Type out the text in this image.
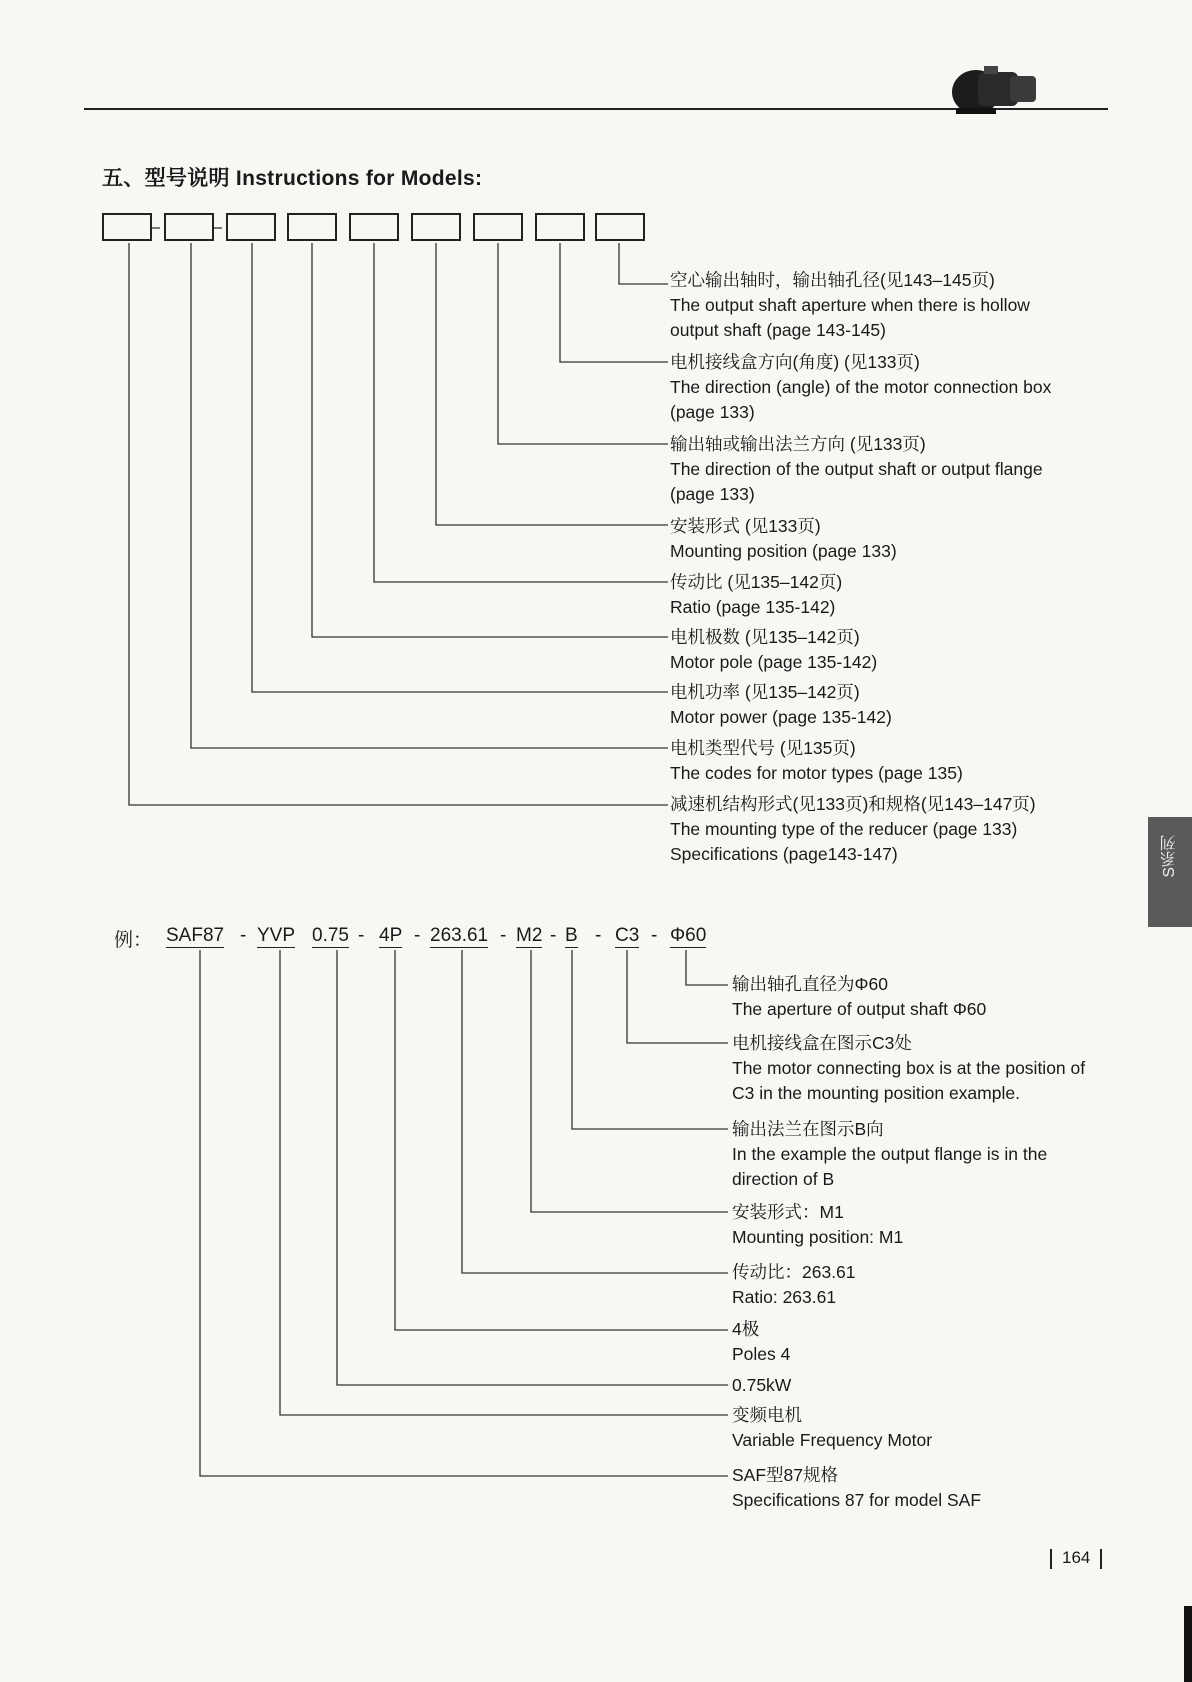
五、型号说明 Instructions for Models:
空心输出轴时，输出轴孔径(见143–145页)
The output shaft aperture when there is hollow
output shaft (page 143-145)
电机接线盒方向(角度) (见133页)
The direction (angle) of the motor connection box
(page 133)
输出轴或输出法兰方向 (见133页)
The direction of the output shaft or output flange
(page 133)
安装形式 (见133页)
Mounting position (page 133)
传动比 (见135–142页)
Ratio (page 135-142)
电机极数 (见135–142页)
Motor pole (page 135-142)
电机功率 (见135–142页)
Motor power (page 135-142)
电机类型代号 (见135页)
The codes for motor types (page 135)
减速机结构形式(见133页)和规格(见143–147页)
The mounting type of the reducer (page 133)
Specifications (page143-147)	S系列
例： SAF87 - YVP 0.75 - 4P - 263.61 - M2 - B - C3 - Φ60
输出轴孔直径为Φ60
The aperture of output shaft Φ60
电机接线盒在图示C3处
The motor connecting box is at the position of
C3 in the mounting position example.
输出法兰在图示B向
In the example the output flange is in the
direction of B
安装形式：M1
Mounting position: M1
传动比：263.61
Ratio: 263.61
4极
Poles 4
0.75kW
变频电机
Variable Frequency Motor
SAF型87规格
Specifications 87 for model SAF
164
